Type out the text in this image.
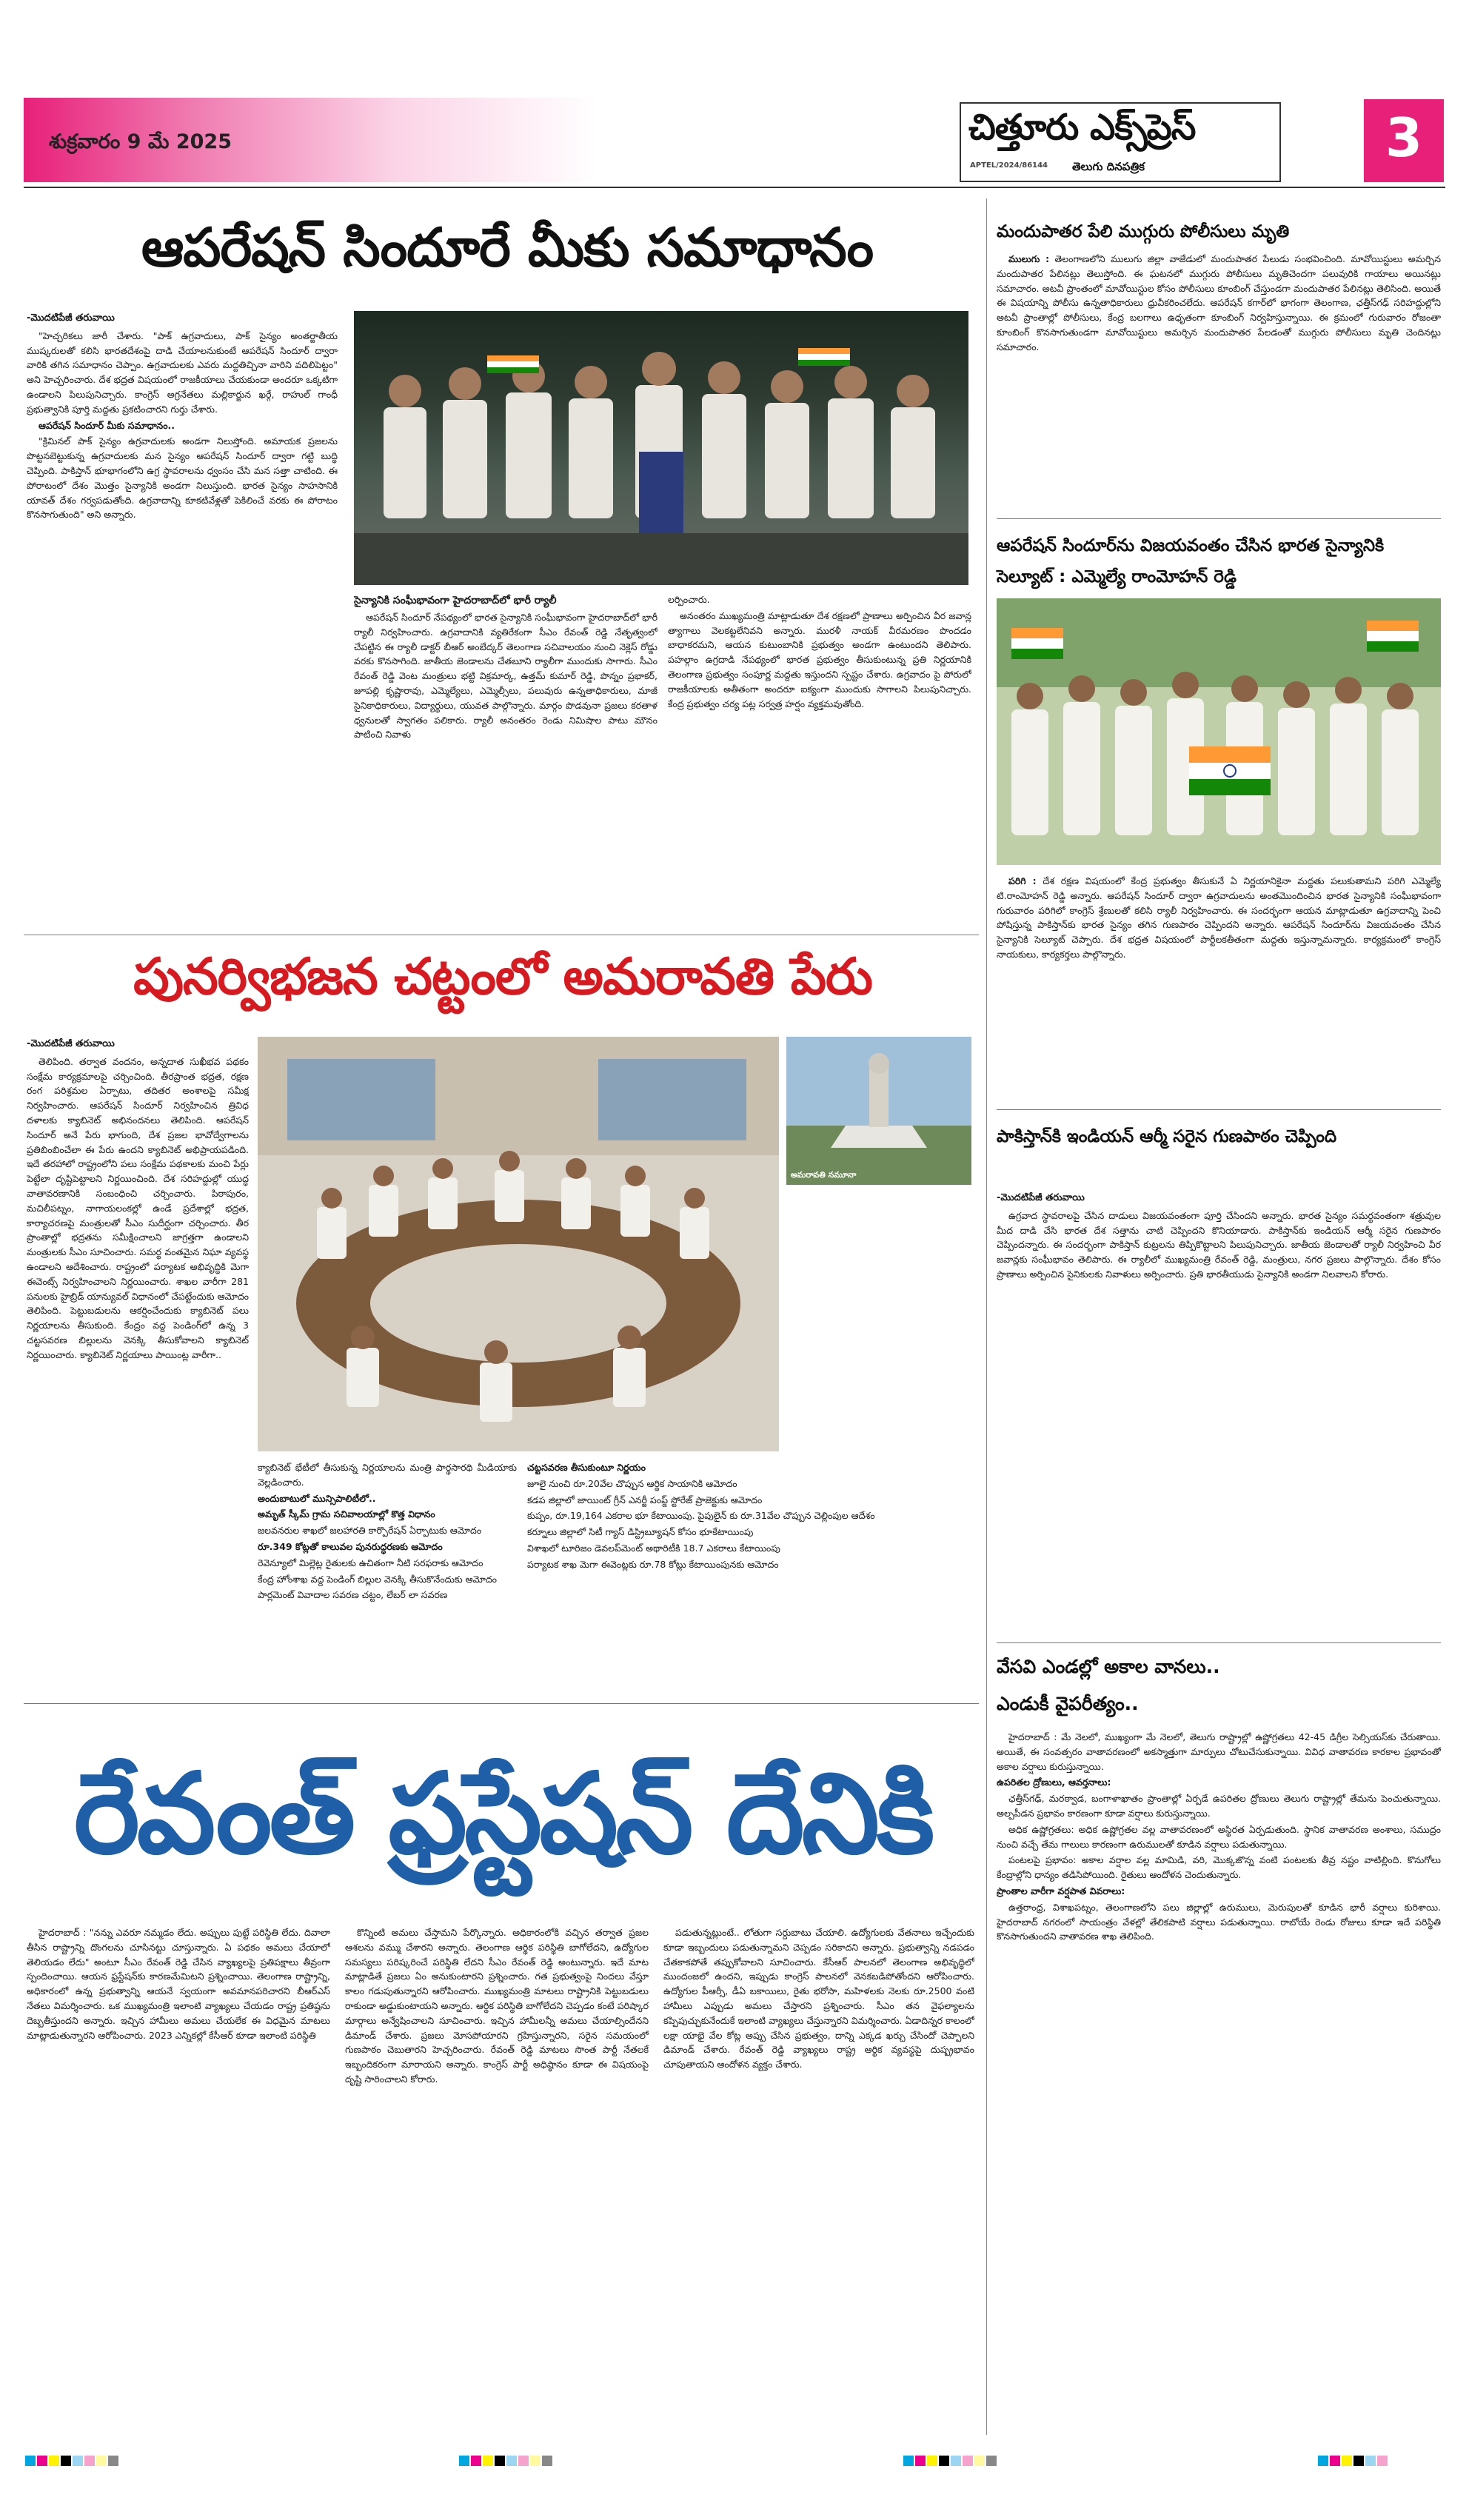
శుక్రవారం 9 మే 2025	చిత్తూరు ఎక్స్‌ప్రెస్
APTEL/2024/86144 తెలుగు దినపత్రిక	3
ఆపరేషన్ సిందూరే మీకు సమాధానం
-మొదటిపేజీ తరువాయి

"హెచ్చరికలు జారీ చేశారు. "పాక్ ఉగ్రవాదులు, పాక్ సైన్యం అంతర్జాతీయ ముష్కరులతో కలిసి భారతదేశంపై దాడి చేయాలనుకుంటే ఆపరేషన్ సిందూర్ ద్వారా వారికి తగిన సమాధానం చెప్పాం. ఉగ్రవాదులకు ఎవరు మద్దతిచ్చినా వారిని వదిలిపెట్టం" అని హెచ్చరించారు. దేశ భద్రత విషయంలో రాజకీయాలు చేయకుండా అందరూ ఒక్కటిగా ఉండాలని పిలుపునిచ్చారు. కాంగ్రెస్ అగ్రనేతలు మల్లికార్జున ఖర్గే, రాహుల్ గాంధీ ప్రభుత్వానికి పూర్తి మద్దతు ప్రకటించారని గుర్తు చేశారు.

ఆపరేషన్ సిందూర్ మీకు సమాధానం..

"క్రిమినల్ పాక్ సైన్యం ఉగ్రవాదులకు అండగా నిలుస్తోంది. అమాయక ప్రజలను పొట్టనబెట్టుకున్న ఉగ్రవాదులకు మన సైన్యం ఆపరేషన్ సిందూర్ ద్వారా గట్టి బుద్ధి చెప్పింది. పాకిస్తాన్ భూభాగంలోని ఉగ్ర స్థావరాలను ధ్వంసం చేసి మన సత్తా చాటింది. ఈ పోరాటంలో దేశం మొత్తం సైన్యానికి అండగా నిలుస్తుంది. భారత సైన్యం సాహసానికి యావత్ దేశం గర్వపడుతోంది. ఉగ్రవాదాన్ని కూకటివేళ్లతో పెకిలించే వరకు ఈ పోరాటం కొనసాగుతుంది" అని అన్నారు.

సైన్యానికి సంఘీభావంగా హైదరాబాద్‌లో భారీ ర్యాలీ

ఆపరేషన్ సిందూర్ నేపథ్యంలో భారత సైన్యానికి సంఘీభావంగా హైదరాబాద్‌లో భారీ ర్యాలీ నిర్వహించారు. ఉగ్రవాదానికి వ్యతిరేకంగా సీఎం రేవంత్ రెడ్డి నేతృత్వంలో చేపట్టిన ఈ ర్యాలీ డాక్టర్ బీఆర్ అంబేద్కర్ తెలంగాణ సచివాలయం నుంచి నెక్లెస్ రోడ్డు వరకు కొనసాగింది. జాతీయ జెండాలను చేతబూని ర్యాలీగా ముందుకు సాగారు. సీఎం రేవంత్ రెడ్డి వెంట మంత్రులు భట్టి విక్రమార్క, ఉత్తమ్ కుమార్ రెడ్డి, పొన్నం ప్రభాకర్, జూపల్లి కృష్ణారావు, ఎమ్మెల్యేలు, ఎమ్మెల్సీలు, పలువురు ఉన్నతాధికారులు, మాజీ సైనికాధికారులు, విద్యార్థులు, యువత పాల్గొన్నారు. మార్గం పొడవునా ప్రజలు కరతాళ ధ్వనులతో స్వాగతం పలికారు. ర్యాలీ అనంతరం రెండు నిమిషాల పాటు మౌనం పాటించి నివాళు

లర్పించారు.

అనంతరం ముఖ్యమంత్రి మాట్లాడుతూ దేశ రక్షణలో ప్రాణాలు అర్పించిన వీర జవాన్ల త్యాగాలు వెలకట్టలేనివని అన్నారు. మురళీ నాయక్ వీరమరణం పొందడం బాధాకరమని, ఆయన కుటుంబానికి ప్రభుత్వం అండగా ఉంటుందని తెలిపారు. పహల్గాం ఉగ్రదాడి నేపథ్యంలో భారత ప్రభుత్వం తీసుకుంటున్న ప్రతి నిర్ణయానికి తెలంగాణ ప్రభుత్వం సంపూర్ణ మద్దతు ఇస్తుందని స్పష్టం చేశారు. ఉగ్రవాదం పై పోరులో రాజకీయాలకు అతీతంగా అందరూ ఐక్యంగా ముందుకు సాగాలని పిలుపునిచ్చారు. కేంద్ర ప్రభుత్వం చర్య పట్ల సర్వత్ర హర్షం వ్యక్తమవుతోంది.

పునర్విభజన చట్టంలో అమరావతి పేరు
-మొదటిపేజీ తరువాయి

తెలిపింది. తర్వాత వందనం, అన్నదాత సుఖీభవ పథకం సంక్షేమ కార్యక్రమాలపై చర్చించింది. తీరప్రాంత భద్రత, రక్షణ రంగ పరిశ్రమల ఏర్పాటు, తదితర అంశాలపై సమీక్ష నిర్వహించారు. ఆపరేషన్ సిందూర్ నిర్వహించిన త్రివిధ దళాలకు క్యాబినెట్ అభినందనలు తెలిపింది. ఆపరేషన్ సిందూర్ అనే పేరు భాగుంది, దేశ ప్రజల భావోద్వేగాలను ప్రతిబింబించేలా ఈ పేరు ఉందని క్యాబినెట్ అభిప్రాయపడింది. ఇదే తరహాలో రాష్ట్రంలోని పలు సంక్షేమ పథకాలకు మంచి పేర్లు పెట్టేలా దృష్టిపెట్టాలని నిర్ణయించింది. దేశ సరిహద్దుల్లో యుద్ధ వాతావరణానికి సంబంధించి చర్చించారు. పిఠాపురం, మచిలీపట్నం, నాగాయలంకల్లో ఉండే ప్రదేశాల్లో భద్రత, కార్యాచరణపై మంత్రులతో సీఎం సుదీర్ఘంగా చర్చించారు. తీర ప్రాంతాల్లో భద్రతను సమీక్షించాలని జాగ్రత్తగా ఉండాలని మంత్రులకు సీఎం సూచించారు. సమర్థ వంతమైన నిఘా వ్యవస్థ ఉండాలని ఆదేశించారు. రాష్ట్రంలో పర్యాటక అభివృద్ధికి మెగా ఈవెంట్స్ నిర్వహించాలని నిర్ణయించారు. శాఖల వారీగా 281 పనులకు హైబ్రిడ్ యాన్యువల్ విధానంలో చేపట్టేందుకు ఆమోదం తెలిపింది. పెట్టుబడులను ఆకర్షించేందుకు క్యాబినెట్ పలు నిర్ణయాలను తీసుకుంది. కేంద్రం వద్ద పెండింగ్‌లో ఉన్న 3 చట్టసవరణ బిల్లులను వెనక్కి తీసుకోవాలని క్యాబినెట్ నిర్ణయించారు. క్యాబినెట్ నిర్ణయాలు పాయింట్ల వారీగా..

అమరావతి నమూనా

క్యాబినెట్ భేటీలో తీసుకున్న నిర్ణయాలను మంత్రి పార్థసారథి మీడియాకు వెల్లడించారు.

అందుబాటులో మున్సిపాలిటీలో..

అమృత్ స్కీమ్ గ్రామ సచివాలయాల్లో కొత్త విధానం

జలవనరుల శాఖలో జలహారతి కార్పొరేషన్ ఏర్పాటుకు ఆమోదం

రూ.349 కోట్లతో కాలువల పునరుద్ధరణకు ఆమోదం

రెవెన్యూలో మిల్లెట్ల రైతులకు ఉచితంగా నీటి సరఫరాకు ఆమోదం

కేంద్ర హోంశాఖ వద్ద పెండింగ్ బిల్లుల వెనక్కి తీసుకొనేందుకు ఆమోదం

పార్లమెంట్ వివాదాల సవరణ చట్టం, లేబర్ లా సవరణ

చట్టసవరణ తీసుకుంటూ నిర్ణయం

జూలై నుంచి రూ.20వేల చొప్పున ఆర్థిక సాయానికి ఆమోదం

కడప జిల్లాలో జాయింట్ గ్రీన్ ఎనర్జీ పంప్డ్ స్టోరేజ్ ప్రాజెక్టుకు ఆమోదం

కుప్పం, రూ.19,164 ఎకరాల భూ కేటాయింపు. పైపులైన్ కు రూ.31వేల చొప్పున చెల్లింపుల ఆదేశం

కర్నూలు జిల్లాలో సిటీ గ్యాస్ డిస్ట్రిబ్యూషన్ కోసం భూకేటాయింపు

విశాఖలో టూరిజం డెవలప్‌మెంట్ అథారిటీకి 18.7 ఎకరాలు కేటాయింపు

పర్యాటక శాఖ మెగా ఈవెంట్లకు రూ.78 కోట్లు కేటాయింపునకు ఆమోదం

రేవంత్ ఫ్రస్టేషన్ దేనికి

హైదరాబాద్ : "నన్ను ఎవరూ నమ్మడం లేదు. అప్పులు పుట్టే పరిస్థితి లేదు. దివాలా తీసిన రాష్ట్రాన్ని దొంగలను చూసినట్టు చూస్తున్నారు. ఏ పథకం అమలు చేయాలో తెలియడం లేదు" అంటూ సీఎం రేవంత్ రెడ్డి చేసిన వ్యాఖ్యలపై ప్రతిపక్షాలు తీవ్రంగా స్పందించాయి. ఆయన ఫ్రస్టేషన్‌కు కారణమేమిటని ప్రశ్నించాయి. తెలంగాణ రాష్ట్రాన్ని, అధికారంలో ఉన్న ప్రభుత్వాన్ని ఆయనే స్వయంగా అవమానపరిచారని బీఆర్ఎస్ నేతలు విమర్శించారు. ఒక ముఖ్యమంత్రి ఇలాంటి వ్యాఖ్యలు చేయడం రాష్ట్ర ప్రతిష్ఠను దెబ్బతీస్తుందని అన్నారు. ఇచ్చిన హామీలు అమలు చేయలేక ఈ విధమైన మాటలు మాట్లాడుతున్నారని ఆరోపించారు. 2023 ఎన్నికల్లో కేసీఆర్ కూడా ఇలాంటి పరిస్థితి

కొన్నింటి అమలు చేస్తామని పేర్కొన్నారు. అధికారంలోకి వచ్చిన తర్వాత ప్రజల ఆశలను వమ్ము చేశారని అన్నారు. తెలంగాణ ఆర్థిక పరిస్థితి బాగోలేదని, ఉద్యోగుల సమస్యలు పరిష్కరించే పరిస్థితి లేదని సీఎం రేవంత్ రెడ్డి అంటున్నారు. ఇదే మాట మాట్లాడితే ప్రజలు ఏం అనుకుంటారని ప్రశ్నించారు. గత ప్రభుత్వంపై నిందలు వేస్తూ కాలం గడుపుతున్నారని ఆరోపించారు. ముఖ్యమంత్రి మాటలు రాష్ట్రానికి పెట్టుబడులు రాకుండా అడ్డుకుంటాయని అన్నారు. ఆర్థిక పరిస్థితి బాగోలేదని చెప్పడం కంటే పరిష్కార మార్గాలు అన్వేషించాలని సూచించారు. ఇచ్చిన హామీలన్నీ అమలు చేయాల్సిందేనని డిమాండ్ చేశారు. ప్రజలు మోసపోయారని గ్రహిస్తున్నారని, సరైన సమయంలో గుణపాఠం చెబుతారని హెచ్చరించారు. రేవంత్ రెడ్డి మాటలు సొంత పార్టీ నేతలకే ఇబ్బందికరంగా మారాయని అన్నారు. కాంగ్రెస్ పార్టీ అధిష్ఠానం కూడా ఈ విషయంపై దృష్టి సారించాలని కోరారు.

పడుతున్నట్లుంటే.. లోతుగా సర్దుబాటు చేయాలి. ఉద్యోగులకు వేతనాలు ఇచ్చేందుకు కూడా ఇబ్బందులు పడుతున్నామని చెప్పడం సరికాదని అన్నారు. ప్రభుత్వాన్ని నడపడం చేతకాకపోతే తప్పుకోవాలని సూచించారు. కేసీఆర్ పాలనలో తెలంగాణ అభివృద్ధిలో ముందంజలో ఉందని, ఇప్పుడు కాంగ్రెస్ పాలనలో వెనకబడిపోతోందని ఆరోపించారు. ఉద్యోగుల పీఆర్సీ, డీఏ బకాయిలు, రైతు భరోసా, మహిళలకు నెలకు రూ.2500 వంటి హామీలు ఎప్పుడు అమలు చేస్తారని ప్రశ్నించారు. సీఎం తన వైఫల్యాలను కప్పిపుచ్చుకునేందుకే ఇలాంటి వ్యాఖ్యలు చేస్తున్నారని విమర్శించారు. ఏడాదిన్నర కాలంలో లక్షా యాభై వేల కోట్ల అప్పు చేసిన ప్రభుత్వం, దాన్ని ఎక్కడ ఖర్చు చేసిందో చెప్పాలని డిమాండ్ చేశారు. రేవంత్ రెడ్డి వ్యాఖ్యలు రాష్ట్ర ఆర్థిక వ్యవస్థపై దుష్ప్రభావం చూపుతాయని ఆందోళన వ్యక్తం చేశారు.

మందుపాతర పేలి ముగ్గురు పోలీసులు మృతి

ములుగు : తెలంగాణలోని ములుగు జిల్లా వాజేడులో మందుపాతర పేలుడు సంభవించింది. మావోయిస్టులు అమర్చిన మందుపాతర పేలినట్లు తెలుస్తోంది. ఈ ఘటనలో ముగ్గురు పోలీసులు మృతిచెందగా పలువురికి గాయాలు అయినట్లు సమాచారం. అటవీ ప్రాంతంలో మావోయిస్టుల కోసం పోలీసులు కూంబింగ్ చేస్తుండగా మందుపాతర పేలినట్లు తెలిసింది. అయితే ఈ విషయాన్ని పోలీసు ఉన్నతాధికారులు ధ్రువీకరించలేదు. ఆపరేషన్ కగార్‌లో భాగంగా తెలంగాణ, ఛత్తీస్‌గఢ్ సరిహద్దుల్లోని అటవీ ప్రాంతాల్లో పోలీసులు, కేంద్ర బలగాలు ఉధృతంగా కూంబింగ్ నిర్వహిస్తున్నాయి. ఈ క్రమంలో గురువారం రోజంతా కూంబింగ్ కొనసాగుతుండగా మావోయిస్టులు అమర్చిన మందుపాతర పేలడంతో ముగ్గురు పోలీసులు మృతి చెందినట్లు సమాచారం.

ఆపరేషన్ సిందూర్‌ను విజయవంతం చేసిన భారత సైన్యానికి సెల్యూట్ : ఎమ్మెల్యే రాంమోహన్ రెడ్డి

పరిగి : దేశ రక్షణ విషయంలో కేంద్ర ప్రభుత్వం తీసుకునే ఏ నిర్ణయానికైనా మద్దతు పలుకుతామని పరిగి ఎమ్మెల్యే టి.రాంమోహన్ రెడ్డి అన్నారు. ఆపరేషన్ సిందూర్ ద్వారా ఉగ్రవాదులను అంతమొందించిన భారత సైన్యానికి సంఘీభావంగా గురువారం పరిగిలో కాంగ్రెస్ శ్రేణులతో కలిసి ర్యాలీ నిర్వహించారు. ఈ సందర్భంగా ఆయన మాట్లాడుతూ ఉగ్రవాదాన్ని పెంచి పోషిస్తున్న పాకిస్తాన్‌కు భారత సైన్యం తగిన గుణపాఠం చెప్పిందని అన్నారు. ఆపరేషన్ సిందూర్‌ను విజయవంతం చేసిన సైన్యానికి సెల్యూట్ చెప్పారు. దేశ భద్రత విషయంలో పార్టీలకతీతంగా మద్దతు ఇస్తున్నామన్నారు. కార్యక్రమంలో కాంగ్రెస్ నాయకులు, కార్యకర్తలు పాల్గొన్నారు.

పాకిస్తాన్‌కి ఇండియన్ ఆర్మీ సరైన గుణపాఠం చెప్పింది
-మొదటిపేజీ తరువాయి

ఉగ్రవాద స్థావరాలపై చేసిన దాడులు విజయవంతంగా పూర్తి చేసిందని అన్నారు. భారత సైన్యం సమర్థవంతంగా శత్రువుల మీద దాడి చేసి భారత దేశ సత్తాను చాటి చెప్పిందని కొనియాడారు. పాకిస్తాన్‌కు ఇండియన్ ఆర్మీ సరైన గుణపాఠం చెప్పిందన్నారు. ఈ సందర్భంగా పాకిస్తాన్ కుట్రలను తిప్పికొట్టాలని పిలుపునిచ్చారు. జాతీయ జెండాలతో ర్యాలీ నిర్వహించి వీర జవాన్లకు సంఘీభావం తెలిపారు. ఈ ర్యాలీలో ముఖ్యమంత్రి రేవంత్ రెడ్డి, మంత్రులు, నగర ప్రజలు పాల్గొన్నారు. దేశం కోసం ప్రాణాలు అర్పించిన సైనికులకు నివాళులు అర్పించారు. ప్రతి భారతీయుడు సైన్యానికి అండగా నిలవాలని కోరారు.

వేసవి ఎండల్లో అకాల వానలు..
ఎండుకీ వైపరీత్యం..

హైదరాబాద్ : మే నెలలో, ముఖ్యంగా మే నెలలో, తెలుగు రాష్ట్రాల్లో ఉష్ణోగ్రతలు 42-45 డిగ్రీల సెల్సియస్‌కు చేరుతాయి. అయితే, ఈ సంవత్సరం వాతావరణంలో అకస్మాత్తుగా మార్పులు చోటుచేసుకున్నాయి. వివిధ వాతావరణ కారకాల ప్రభావంతో అకాల వర్షాలు కురుస్తున్నాయి.

ఉపరితల ద్రోణులు, ఆవర్తనాలు:

ఛత్తీస్‌గఢ్, మరఠ్వాడ, బంగాళాఖాతం ప్రాంతాల్లో ఏర్పడే ఉపరితల ద్రోణులు తెలుగు రాష్ట్రాల్లో తేమను పెంచుతున్నాయి. అల్పపీడన ప్రభావం కారణంగా కూడా వర్షాలు కురుస్తున్నాయి.

అధిక ఉష్ణోగ్రతలు: అధిక ఉష్ణోగ్రతల వల్ల వాతావరణంలో అస్థిరత ఏర్పడుతుంది. స్థానిక వాతావరణ అంశాలు, సముద్రం నుంచి వచ్చే తేమ గాలులు కారణంగా ఉరుములతో కూడిన వర్షాలు పడుతున్నాయి.

పంటలపై ప్రభావం: అకాల వర్షాల వల్ల మామిడి, వరి, మొక్కజొన్న వంటి పంటలకు తీవ్ర నష్టం వాటిల్లింది. కొనుగోలు కేంద్రాల్లోని ధాన్యం తడిసిపోయింది. రైతులు ఆందోళన చెందుతున్నారు.

ప్రాంతాల వారీగా వర్షపాత వివరాలు:

ఉత్తరాంధ్ర, విశాఖపట్నం, తెలంగాణలోని పలు జిల్లాల్లో ఉరుములు, మెరుపులతో కూడిన భారీ వర్షాలు కురిశాయి. హైదరాబాద్ నగరంలో సాయంత్రం వేళల్లో తేలికపాటి వర్షాలు పడుతున్నాయి. రాబోయే రెండు రోజులు కూడా ఇదే పరిస్థితి కొనసాగుతుందని వాతావరణ శాఖ తెలిపింది.
